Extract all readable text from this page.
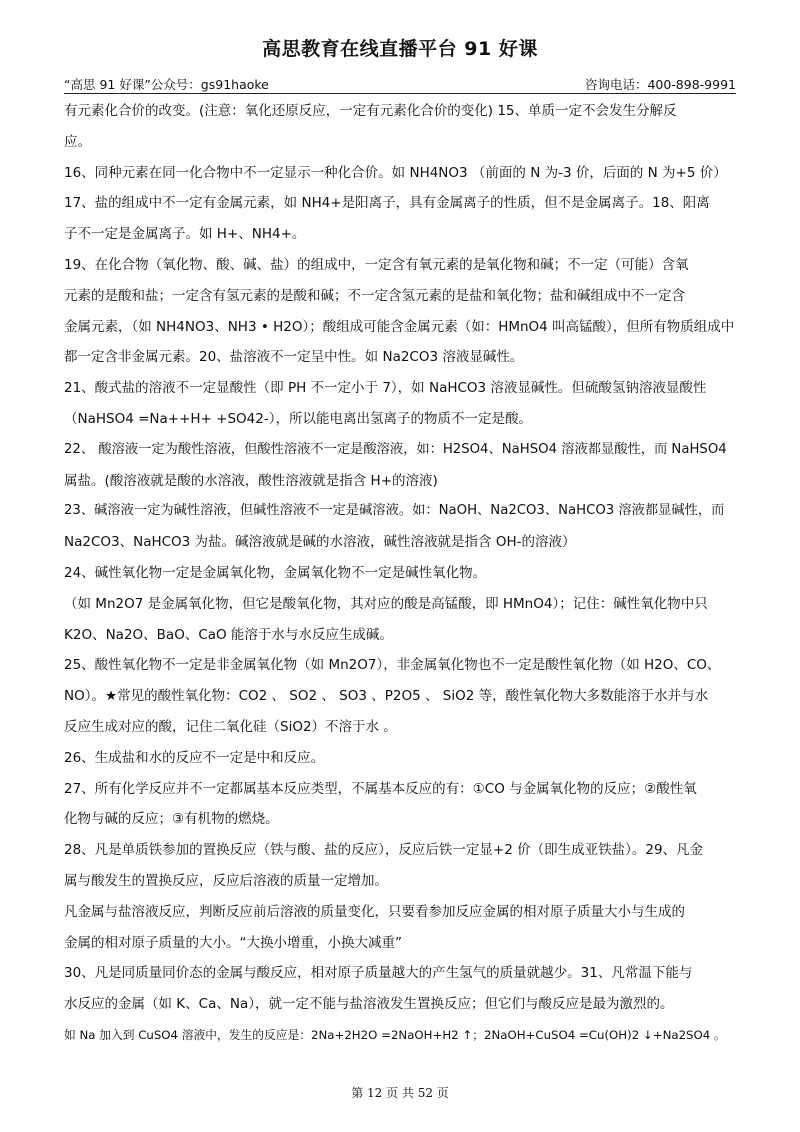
高思教育在线直播平台 91 好课
“高思 91 好课”公众号：gs91haoke	咨询电话：400-898-9991
有元素化合价的改变。(注意：氧化还原反应，一定有元素化合价的变化) 15、单质一定不会发生分解反
应。
16、同种元素在同一化合物中不一定显示一种化合价。如 NH4NO3 （前面的 N 为-3 价，后面的 N 为+5 价）
17、盐的组成中不一定有金属元素，如 NH4+是阳离子，具有金属离子的性质，但不是金属离子。18、阳离
子不一定是金属离子。如 H+、NH4+。
19、在化合物（氧化物、酸、碱、盐）的组成中，一定含有氧元素的是氧化物和碱；不一定（可能）含氧
元素的是酸和盐；一定含有氢元素的是酸和碱；不一定含氢元素的是盐和氧化物；盐和碱组成中不一定含
金属元素，（如 NH4NO3、NH3 • H2O）；酸组成可能含金属元素（如：HMnO4 叫高锰酸），但所有物质组成中
都一定含非金属元素。20、盐溶液不一定呈中性。如 Na2CO3 溶液显碱性。
21、酸式盐的溶液不一定显酸性（即 PH 不一定小于 7），如 NaHCO3 溶液显碱性。但硫酸氢钠溶液显酸性
（NaHSO4 =Na++H+ +SO42-），所以能电离出氢离子的物质不一定是酸。
22、 酸溶液一定为酸性溶液，但酸性溶液不一定是酸溶液，如：H2SO4、NaHSO4 溶液都显酸性，而 NaHSO4
属盐。(酸溶液就是酸的水溶液，酸性溶液就是指含 H+的溶液)
23、碱溶液一定为碱性溶液，但碱性溶液不一定是碱溶液。如：NaOH、Na2CO3、NaHCO3 溶液都显碱性，而
Na2CO3、NaHCO3 为盐。碱溶液就是碱的水溶液，碱性溶液就是指含 OH-的溶液）
24、碱性氧化物一定是金属氧化物，金属氧化物不一定是碱性氧化物。
（如 Mn2O7 是金属氧化物，但它是酸氧化物，其对应的酸是高锰酸，即 HMnO4）；记住：碱性氧化物中只
K2O、Na2O、BaO、CaO 能溶于水与水反应生成碱。
25、酸性氧化物不一定是非金属氧化物（如 Mn2O7），非金属氧化物也不一定是酸性氧化物（如 H2O、CO、
NO）。★常见的酸性氧化物：CO2 、 SO2 、 SO3 、P2O5 、 SiO2 等，酸性氧化物大多数能溶于水并与水
反应生成对应的酸，记住二氧化硅（SiO2）不溶于水 。
26、生成盐和水的反应不一定是中和反应。
27、所有化学反应并不一定都属基本反应类型，不属基本反应的有：①CO 与金属氧化物的反应；②酸性氧
化物与碱的反应；③有机物的燃烧。
28、凡是单质铁参加的置换反应（铁与酸、盐的反应），反应后铁一定显+2 价（即生成亚铁盐）。29、凡金
属与酸发生的置换反应，反应后溶液的质量一定增加。
凡金属与盐溶液反应，判断反应前后溶液的质量变化，只要看参加反应金属的相对原子质量大小与生成的
金属的相对原子质量的大小。“大换小增重，小换大减重”
30、凡是同质量同价态的金属与酸反应，相对原子质量越大的产生氢气的质量就越少。31、凡常温下能与
水反应的金属（如 K、Ca、Na），就一定不能与盐溶液发生置换反应；但它们与酸反应是最为激烈的。
如 Na 加入到 CuSO4 溶液中，发生的反应是：2Na+2H2O =2NaOH+H2 ↑；2NaOH+CuSO4 =Cu(OH)2 ↓+Na2SO4 。
第 12 页 共 52 页
